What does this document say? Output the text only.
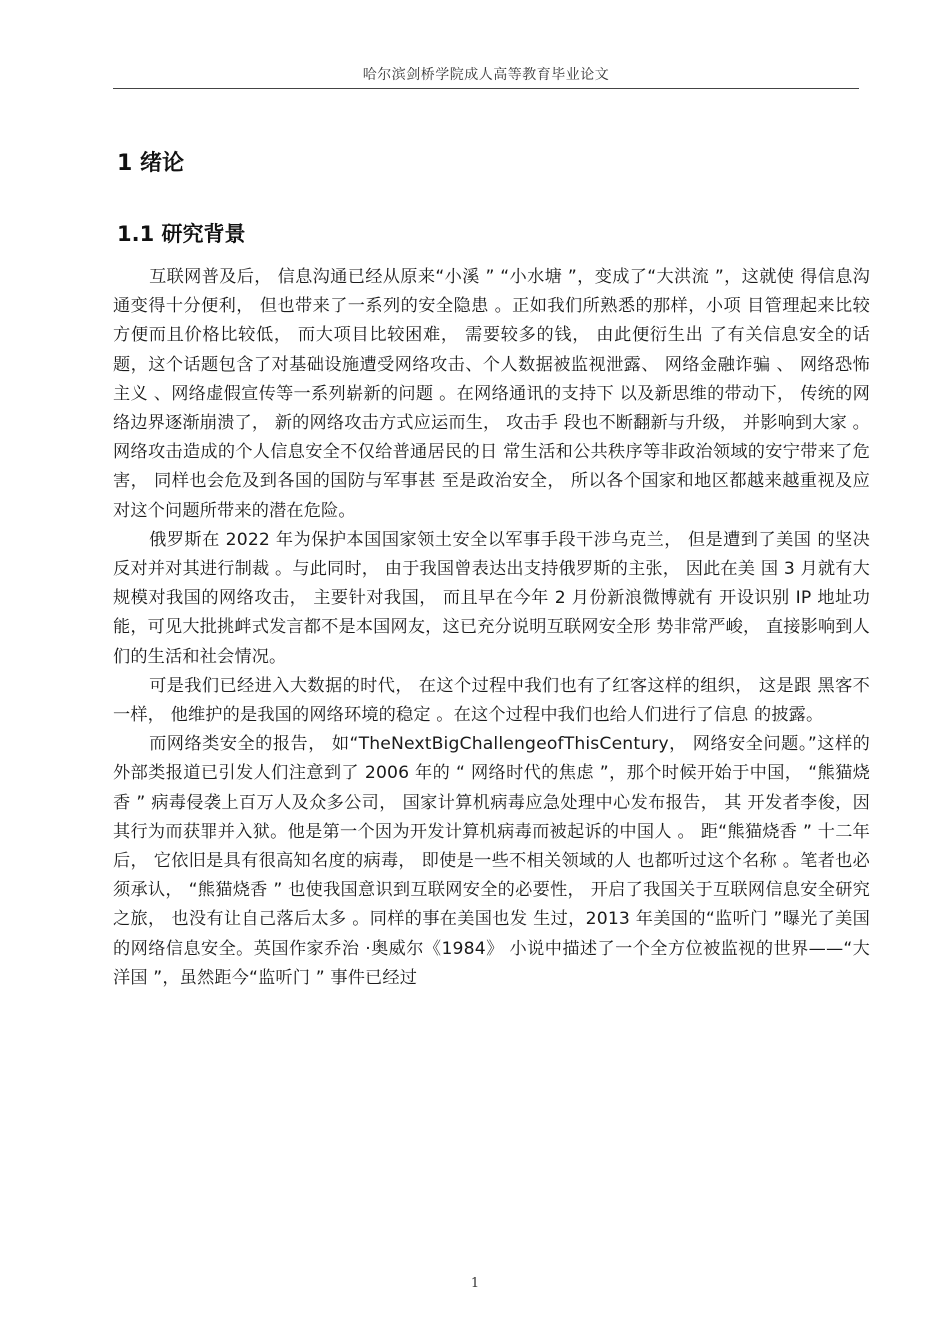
哈尔滨剑桥学院成人高等教育毕业论文
1 绪论
1.1 研究背景

互联网普及后， 信息沟通已经从原来“小溪 ” “小水塘 ”，变成了“大洪流 ”，这就使 得信息沟通变得十分便利， 但也带来了一系列的安全隐患 。正如我们所熟悉的那样，小项 目管理起来比较方便而且价格比较低， 而大项目比较困难， 需要较多的钱， 由此便衍生出 了有关信息安全的话题，这个话题包含了对基础设施遭受网络攻击、个人数据被监视泄露、 网络金融诈骗 、 网络恐怖主义 、网络虚假宣传等一系列崭新的问题 。在网络通讯的支持下 以及新思维的带动下， 传统的网络边界逐渐崩溃了， 新的网络攻击方式应运而生， 攻击手 段也不断翻新与升级， 并影响到大家 。 网络攻击造成的个人信息安全不仅给普通居民的日 常生活和公共秩序等非政治领域的安宁带来了危害， 同样也会危及到各国的国防与军事甚 至是政治安全， 所以各个国家和地区都越来越重视及应对这个问题所带来的潜在危险。

俄罗斯在 2022 年为保护本国国家领土安全以军事手段干涉乌克兰， 但是遭到了美国 的坚决反对并对其进行制裁 。与此同时， 由于我国曾表达出支持俄罗斯的主张， 因此在美 国 3 月就有大规模对我国的网络攻击， 主要针对我国， 而且早在今年 2 月份新浪微博就有 开设识别 IP 地址功能，可见大批挑衅式发言都不是本国网友，这已充分说明互联网安全形 势非常严峻， 直接影响到人们的生活和社会情况。

可是我们已经进入大数据的时代， 在这个过程中我们也有了红客这样的组织， 这是跟 黑客不一样， 他维护的是我国的网络环境的稳定 。在这个过程中我们也给人们进行了信息 的披露。

而网络类安全的报告， 如“TheNextBigChallengeofThisCentury， 网络安全问题。”这样的外部类报道已引发人们注意到了 2006 年的 “ 网络时代的焦虑 ”，那个时候开始于中国， “熊猫烧香 ” 病毒侵袭上百万人及众多公司， 国家计算机病毒应急处理中心发布报告， 其 开发者李俊，因其行为而获罪并入狱。他是第一个因为开发计算机病毒而被起诉的中国人 。 距“熊猫烧香 ” 十二年后， 它依旧是具有很高知名度的病毒， 即使是一些不相关领域的人 也都听过这个名称 。笔者也必须承认， “熊猫烧香 ” 也使我国意识到互联网安全的必要性， 开启了我国关于互联网信息安全研究之旅， 也没有让自己落后太多 。同样的事在美国也发 生过，2013 年美国的“监听门 ”曝光了美国的网络信息安全。英国作家乔治 ·奥威尔《1984》 小说中描述了一个全方位被监视的世界——“大洋国 ”，虽然距今“监听门 ” 事件已经过

1
